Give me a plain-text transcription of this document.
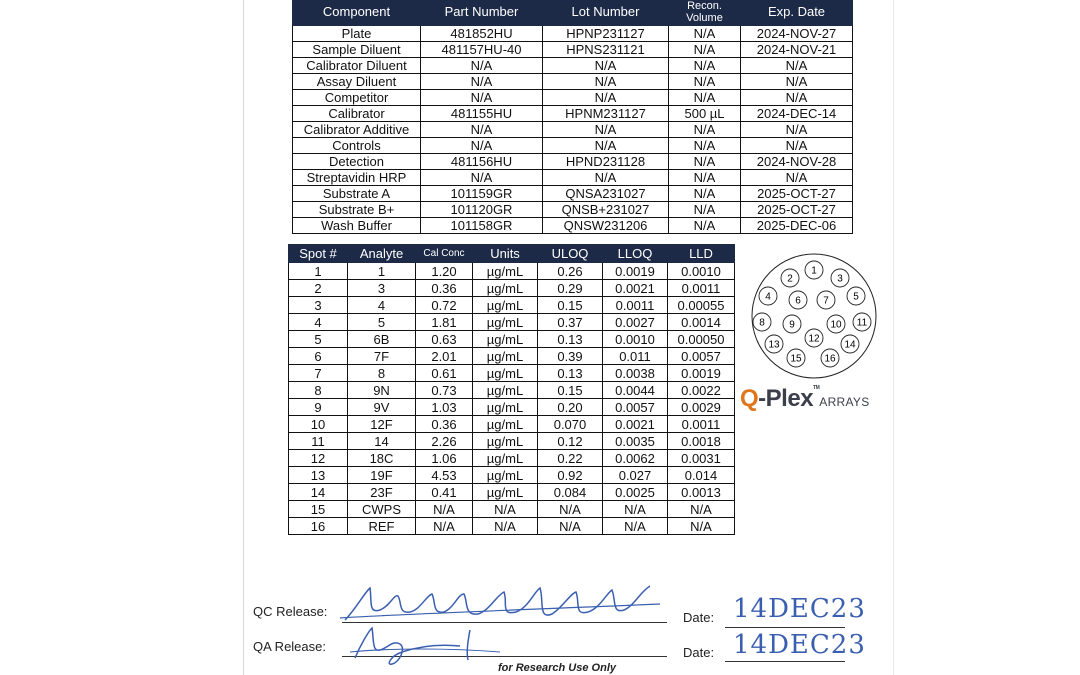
Component	Part Number	Lot Number	Recon. Volume	Exp. Date
Plate	481852HU	HPNP231127	N/A	2024-NOV-27
Sample Diluent	481157HU-40	HPNS231121	N/A	2024-NOV-21
Calibrator Diluent	N/A	N/A	N/A	N/A
Assay Diluent	N/A	N/A	N/A	N/A
Competitor	N/A	N/A	N/A	N/A
Calibrator	481155HU	HPNM231127	500 µL	2024-DEC-14
Calibrator Additive	N/A	N/A	N/A	N/A
Controls	N/A	N/A	N/A	N/A
Detection	481156HU	HPND231128	N/A	2024-NOV-28
Streptavidin HRP	N/A	N/A	N/A	N/A
Substrate A	101159GR	QNSA231027	N/A	2025-OCT-27
Substrate B+	101120GR	QNSB+231027	N/A	2025-OCT-27
Wash Buffer	101158GR	QNSW231206	N/A	2025-DEC-06
Spot #	Analyte	Cal Conc	Units	ULOQ	LLOQ	LLD
1	1	1.20	µg/mL	0.26	0.0019	0.0010
2	3	0.36	µg/mL	0.29	0.0021	0.0011
3	4	0.72	µg/mL	0.15	0.0011	0.00055
4	5	1.81	µg/mL	0.37	0.0027	0.0014
5	6B	0.63	µg/mL	0.13	0.0010	0.00050
6	7F	2.01	µg/mL	0.39	0.011	0.0057
7	8	0.61	µg/mL	0.13	0.0038	0.0019
8	9N	0.73	µg/mL	0.15	0.0044	0.0022
9	9V	1.03	µg/mL	0.20	0.0057	0.0029
10	12F	0.36	µg/mL	0.070	0.0021	0.0011
11	14	2.26	µg/mL	0.12	0.0035	0.0018
12	18C	1.06	µg/mL	0.22	0.0062	0.0031
13	19F	4.53	µg/mL	0.92	0.027	0.014
14	23F	0.41	µg/mL	0.084	0.0025	0.0013
15	CWPS	N/A	N/A	N/A	N/A	N/A
16	REF	N/A	N/A	N/A	N/A	N/A
1
2	3
4	5
6 7
8 9	10 11
12
13	14
15 16
Q-Plex™ARRAYS
QC Release:	Date: 14DEC23
QA Release:	Date: 14DEC23
for Research Use Only
